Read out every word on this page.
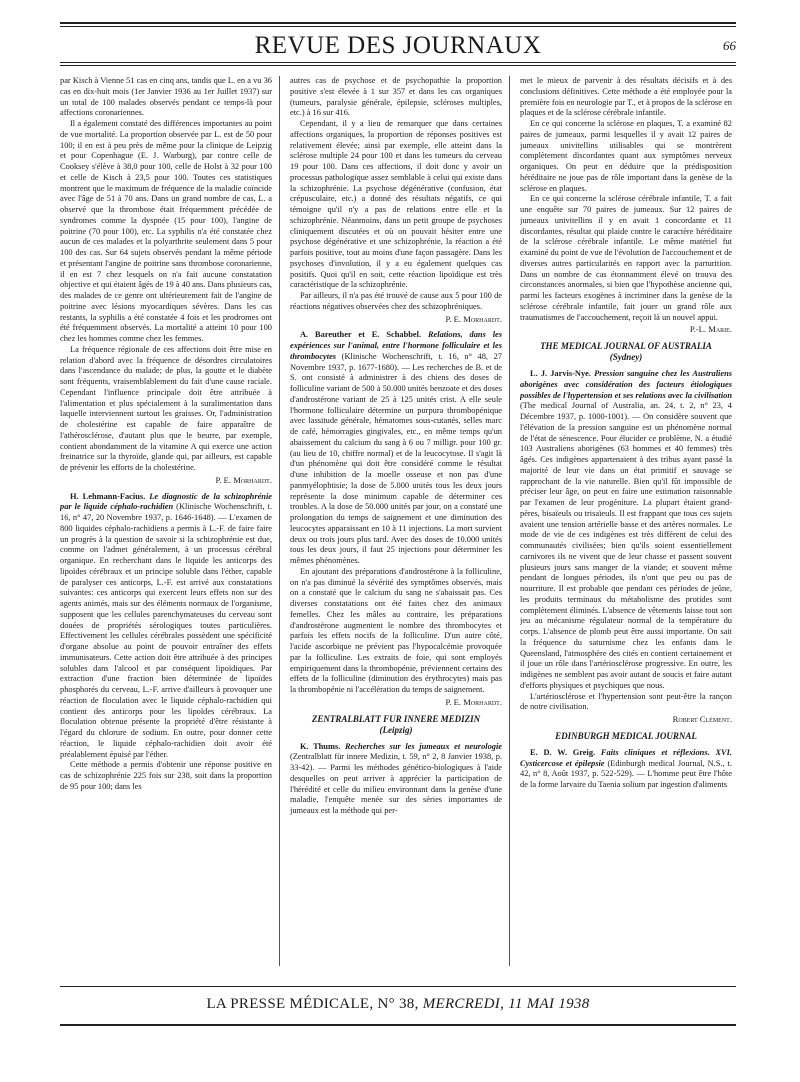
REVUE DES JOURNAUX	66

par Kisch à Vienne 51 cas en cinq ans, tandis que L. en a vu 36 cas en dix-huit mois (1er Janvier 1936 au 1er Juillet 1937) sur un total de 100 malades observés pendant ce temps-là pour affections coronariennes.

Il a également constaté des différences importantes au point de vue mortalité. La proportion observée par L. est de 50 pour 100; il en est à peu près de même pour la clinique de Leipzig et pour Copenhague (E. J. Warburg), par contre celle de Cooksey s'élève à 38,0 pour 100, celle de Holst à 32 pour 100 et celle de Kisch à 23,5 pour 100. Toutes ces statistiques montrent que le maximum de fréquence de la maladie coïncide avec l'âge de 51 à 70 ans. Dans un grand nombre de cas, L. a observé que la thrombose était fréquemment précédée de syndromes comme la dyspnée (15 pour 100), l'angine de poitrine (70 pour 100), etc. La syphilis n'a été constatée chez aucun de ces malades et la polyarthrite seulement dans 5 pour 100 des cas. Sur 64 sujets observés pendant la même période et présentant l'angine de poitrine sans thrombose coronarienne, il en est 7 chez lesquels on n'a fait aucune constatation objective et qui étaient âgés de 19 à 40 ans. Dans plusieurs cas, des malades de ce genre ont ultérieurement fait de l'angine de poitrine avec lésions myocardiques sévères. Dans les cas restants, la syphilis a été constatée 4 fois et les prodromes ont été fréquemment observés. La mortalité a atteint 10 pour 100 chez les hommes comme chez les femmes.

La fréquence régionale de ces affections doit être mise en relation d'abord avec la fréquence de désordres circulatoires dans l'ascendance du malade; de plus, la goutte et le diabète sont fréquents, vraisemblablement du fait d'une cause raciale. Cependant l'influence principale doit être attribuée à l'alimentation et plus spécialement à la suralimentation dans laquelle interviennent surtout les graisses. Or, l'administration de cholestérine est capable de faire apparaître de l'athérosclérose, d'autant plus que le beurre, par exemple, contient abondamment de la vitamine A qui exerce une action freinatrice sur la thyroïde, glande qui, par ailleurs, est capable de prévenir les efforts de la cholestérine.

P. E. Morhardt.

H. Lehmann-Facius. Le diagnostic de la schizophrénie par le liquide céphalo-rachidien (Klinische Wochenschrift, t. 16, n° 47, 20 Novembre 1937, p. 1646-1648). — L'examen de 800 liquides céphalo-rachidiens a permis à L.-F. de faire faire un progrès à la question de savoir si la schizophrénie est due, comme on l'admet généralement, à un processus cérébral organique. En recherchant dans le liquide les anticorps des lipoïdes cérébraux et un principe soluble dans l'éther, capable de paralyser ces anticorps, L.-F. est arrivé aux constatations suivantes: ces anticorps qui exercent leurs effets non sur des agents animés, mais sur des éléments normaux de l'organisme, supposent que les cellules parenchymateuses du cerveau sont douées de propriétés sérologiques toutes particulières. Effectivement les cellules cérébrales possèdent une spécificité d'organe absolue au point de pouvoir entraîner des effets immunisateurs. Cette action doit être attribuée à des principes solubles dans l'alcool et par conséquent lipoïdiques. Par extraction d'une fraction bien déterminée de lipoïdes phosphorés du cerveau, L.-F. arrive d'ailleurs à provoquer une réaction de floculation avec le liquide céphalo-rachidien qui contient des anticorps pour les lipoïdes cérébraux. La floculation obtenue présente la propriété d'être résistante à l'égard du chlorure de sodium. En outre, pour donner cette réaction, le liquide céphalo-rachidien doit avoir été préalablement épuisé par l'éther.

Cette méthode a permis d'obtenir une réponse positive en cas de schizophrénie 225 fois sur 238, soit dans la proportion de 95 pour 100; dans les

autres cas de psychose et de psychopathie la proportion positive s'est élevée à 1 sur 357 et dans les cas organiques (tumeurs, paralysie générale, épilepsie, scléroses multiples, etc.) à 16 sur 416.

Cependant, il y a lieu de remarquer que dans certaines affections organiques, la proportion de réponses positives est relativement élevée; ainsi par exemple, elle atteint dans la sclérose multiple 24 pour 100 et dans les tumeurs du cerveau 19 pour 100. Dans ces affections, il doit donc y avoir un processus pathologique assez semblable à celui qui existe dans la schizophrénie. La psychose dégénérative (confusion, état crépusculaire, etc.) a donné des résultats négatifs, ce qui témoigne qu'il n'y a pas de relations entre elle et la schizophrénie. Néanmoins, dans un petit groupe de psychoses cliniquement discutées et où on pouvait hésiter entre une psychose dégénérative et une schizophrénie, la réaction a été parfois positive, tout au moins d'une façon passagère. Dans les psychoses d'involution, il y a eu également quelques cas positifs. Quoi qu'il en soit, cette réaction lipoïdique est très caractéristique de la schizophrénie.

Par ailleurs, il n'a pas été trouvé de cause aux 5 pour 100 de réactions négatives observées chez des schizophréniques.

P. E. Morhardt.

A. Bareuther et E. Schabbel. Relations, dans les expériences sur l'animal, entre l'hormone folliculaire et les thrombocytes (Klinische Wochenschrift, t. 16, n° 48, 27 Novembre 1937, p. 1677-1680). — Les recherches de B. et de S. ont consisté à administrer à des chiens des doses de folliculine variant de 500 à 50.000 unités benzoate et des doses d'androstérone variant de 25 à 125 unités crist. A elle seule l'hormone folliculaire détermine un purpura thrombopénique avec lassitude générale, hématomes sous-cutanés, selles marc de café, hémorragies gingivales, etc., en même temps qu'un abaissement du calcium du sang à 6 ou 7 milligr. pour 100 gr. (au lieu de 10, chiffre normal) et de la leucocytose. Il s'agit là d'un phénomène qui doit être considéré comme le résultat d'une inhibition de la moelle osseuse et non pas d'une panmyélophtisie; la dose de 5.000 unités tous les deux jours représente la dose minimum capable de déterminer ces troubles. A la dose de 50.000 unités par jour, on a constaté une prolongation du temps de saignement et une diminution des leucocytes apparaissant en 10 à 11 injections. La mort survient deux ou trois jours plus tard. Avec des doses de 10.000 unités tous les deux jours, il faut 25 injections pour déterminer les mêmes phénomènes.

En ajoutant des préparations d'androstérone à la folliculine, on n'a pas diminué la sévérité des symptômes observés, mais on a constaté que le calcium du sang ne s'abaissait pas. Ces diverses constatations ont été faites chez des animaux femelles. Chez les mâles au contraire, les préparations d'androstérone augmentent le nombre des thrombocytes et parfois les effets nocifs de la folliculine. D'un autre côté, l'acide ascorbique ne prévient pas l'hypocalcémie provoquée par la folliculine. Les extraits de foie, qui sont employés empiriquement dans la thrombopénie, préviennent certains des effets de la folliculine (diminution des érythrocytes) mais pas la thrombopénie ni l'accélération du temps de saignement.

P. E. Morhardt.

ZENTRALBLATT FUR INNERE MEDIZIN
(Leipzig)

K. Thums. Recherches sur les jumeaux et neurologie (Zentralblatt für innere Medizin, t. 59, n° 2, 8 Janvier 1938, p. 33-42). — Parmi les méthodes génético-biologiques à l'aide desquelles on peut arriver à apprécier la participation de l'hérédité et celle du milieu environnant dans la genèse d'une maladie, l'enquête menée sur des séries importantes de jumeaux est la méthode qui per-

met le mieux de parvenir à des résultats décisifs et à des conclusions définitives. Cette méthode a été employée pour la première fois en neurologie par T., et à propos de la sclérose en plaques et de la sclérose cérébrale infantile.

En ce qui concerne la sclérose en plaques, T. a examiné 82 paires de jumeaux, parmi lesquelles il y avait 12 paires de jumeaux univitellins utilisables qui se montrèrent complètement discordantes quant aux symptômes nerveux organiques. On peut en déduire que la prédisposition héréditaire ne joue pas de rôle important dans la genèse de la sclérose en plaques.

En ce qui concerne la sclérose cérébrale infantile, T. a fait une enquête sur 70 paires de jumeaux. Sur 12 paires de jumeaux univitellins il y en avait 1 concordante et 11 discordantes, résultat qui plaide contre le caractère héréditaire de la sclérose cérébrale infantile. Le même matériel fut examiné du point de vue de l'évolution de l'accouchement et de diverses autres particularités en rapport avec la parturition. Dans un nombre de cas étonnamment élevé on trouva des circonstances anormales, si bien que l'hypothèse ancienne qui, parmi les facteurs exogènes à incriminer dans la genèse de la sclérose cérébrale infantile, fait jouer un grand rôle aux traumatismes de l'accouchement, reçoit là un nouvel appui.

P.-L. Marie.

THE MEDICAL JOURNAL OF AUSTRALIA
(Sydney)

L. J. Jarvis-Nye. Pression sanguine chez les Australiens aborigènes avec considération des facteurs étiologiques possibles de l'hypertension et ses relations avec la civilisation (The medical Journal of Australia, an. 24, t. 2, n° 23, 4 Décembre 1937, p. 1000-1001). — On considère souvent que l'élévation de la pression sanguine est un phénomène normal de l'état de sénescence. Pour élucider ce problème, N. a étudié 103 Australiens aborigènes (63 hommes et 40 femmes) très âgés. Ces indigènes appartenaient à des tribus ayant passé la majorité de leur vie dans un état primitif et sauvage se rapprochant de la vie naturelle. Bien qu'il fût impossible de préciser leur âge, on peut en faire une estimation raisonnable par l'examen de leur progéniture. La plupart étaient grand-pères, bisaïeuls ou trisaïeuls. Il est frappant que tous ces sujets avaient une tension artérielle basse et des artères normales. Le mode de vie de ces indigènes est très différent de celui des communautés civilisées; bien qu'ils soient essentiellement carnivores ils ne vivent que de leur chasse et passent souvent plusieurs jours sans manger de la viande; et souvent même pendant de longues périodes, ils n'ont que peu ou pas de nourriture. Il est probable que pendant ces périodes de jeûne, les produits terminaux du métabolisme des protides sont complètement éliminés. L'absence de vêtements laisse tout son jeu au mécanisme régulateur normal de la température du corps. L'absence de plomb peut être aussi importante. On sait la fréquence du saturnisme chez les enfants dans le Queensland, l'atmosphère des cités en contient certainement et il joue un rôle dans l'artériosclérose progressive. En outre, les indigènes ne semblent pas avoir autant de soucis et faire autant d'efforts physiques et psychiques que nous.

L'artériosclérose et l'hypertension sont peut-être la rançon de notre civilisation.

Robert Clément.

EDINBURGH MEDICAL JOURNAL

E. D. W. Greig. Faits cliniques et réflexions. XVI. Cysticercose et épilepsie (Edinburgh medical Journal, N.S., t. 42, n° 8, Août 1937, p. 522-529). — L'homme peut être l'hôte de la forme larvaire du Taenia solium par ingestion d'aliments

LA PRESSE MÉDICALE, N° 38, MERCREDI, 11 MAI 1938
